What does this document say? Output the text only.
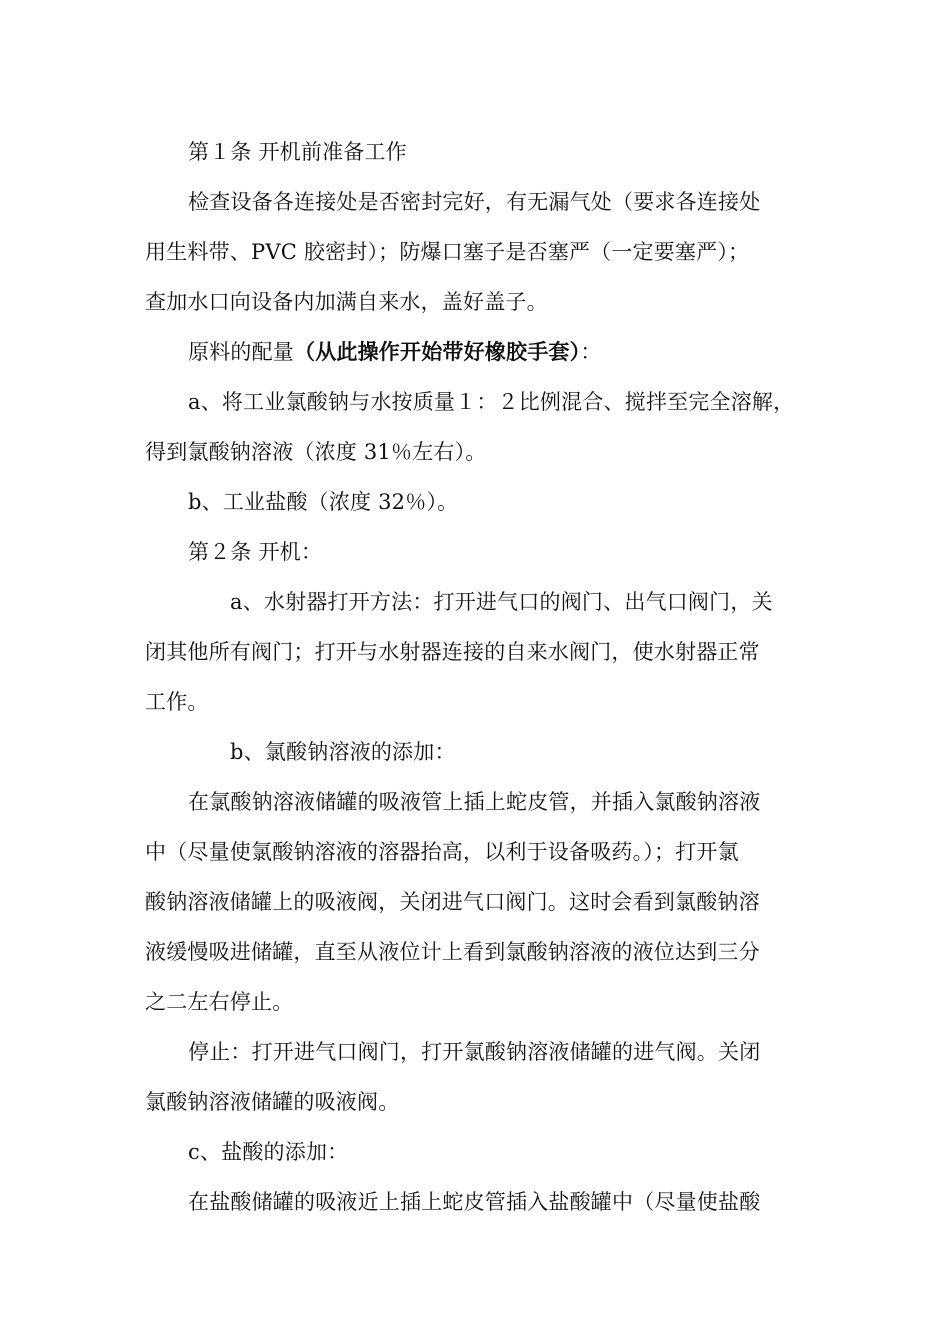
第１条 开机前准备工作
检查设备各连接处是否密封完好，有无漏气处（要求各连接处
用生料带、PVC 胶密封）；防爆口塞子是否塞严（一定要塞严）；
查加水口向设备内加满自来水，盖好盖子。
原料的配量（从此操作开始带好橡胶手套）：
a、将工业氯酸钠与水按质量１：２比例混合、搅拌至完全溶解，
得到氯酸钠溶液（浓度 31％左右）。
b、工业盐酸（浓度 32％）。
第２条 开机：
a、水射器打开方法：打开进气口的阀门、出气口阀门，关
闭其他所有阀门；打开与水射器连接的自来水阀门，使水射器正常
工作。
b、氯酸钠溶液的添加：
在氯酸钠溶液储罐的吸液管上插上蛇皮管，并插入氯酸钠溶液
中（尽量使氯酸钠溶液的溶器抬高，以利于设备吸药。）；打开氯
酸钠溶液储罐上的吸液阀，关闭进气口阀门。这时会看到氯酸钠溶
液缓慢吸进储罐，直至从液位计上看到氯酸钠溶液的液位达到三分
之二左右停止。
停止：打开进气口阀门，打开氯酸钠溶液储罐的进气阀。关闭
氯酸钠溶液储罐的吸液阀。
c、盐酸的添加：
在盐酸储罐的吸液近上插上蛇皮管插入盐酸罐中（尽量使盐酸
